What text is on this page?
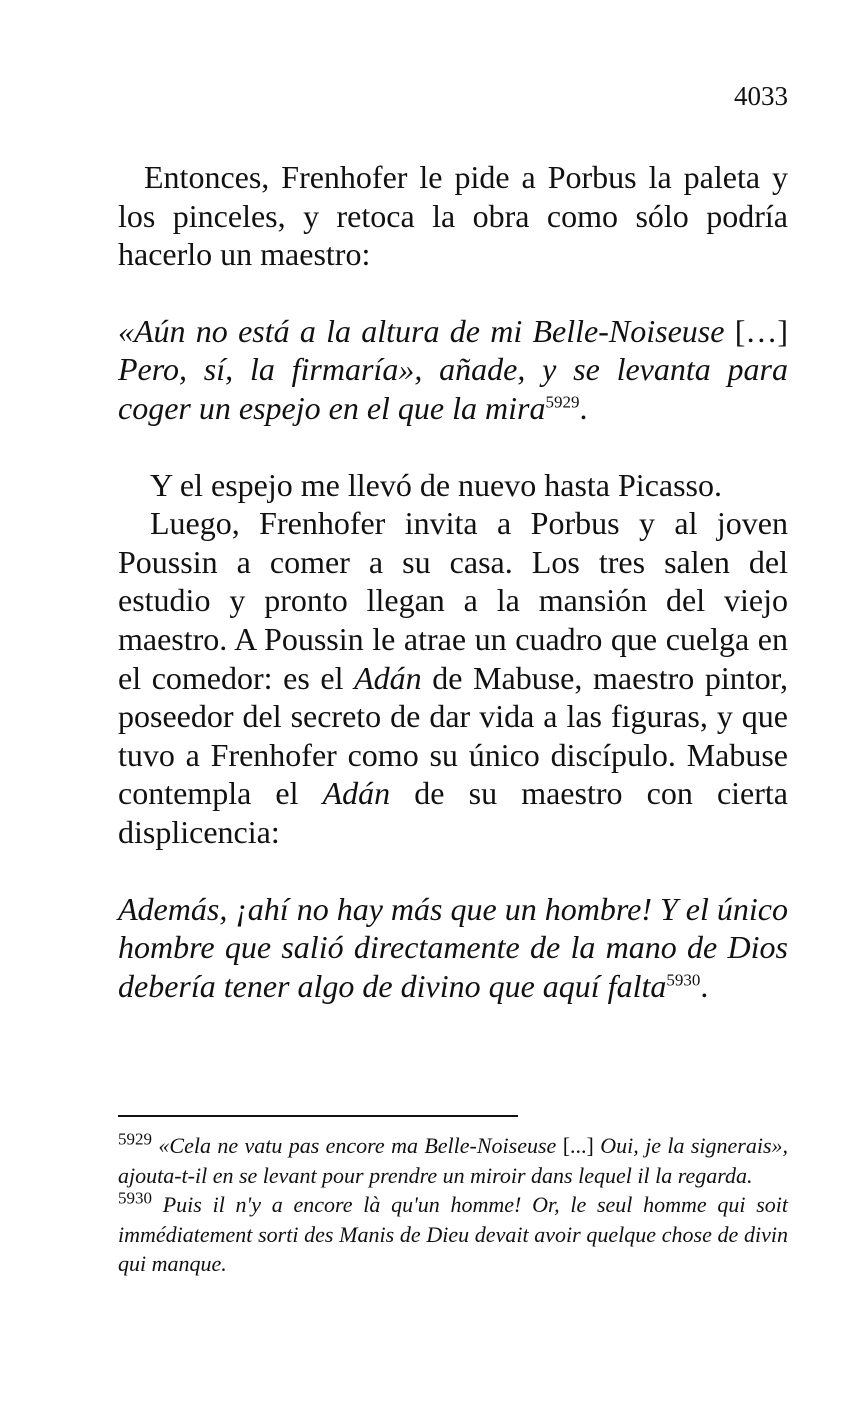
4033

Entonces, Frenhofer le pide a Porbus la paleta y los pinceles, y retoca la obra como sólo podría hacerlo un maestro:

«Aún no está a la altura de mi Belle-Noiseuse […] Pero, sí, la firmaría», añade, y se levanta para coger un espejo en el que la mira$^{5929}$.

Y el espejo me llevó de nuevo hasta Picasso.

Luego, Frenhofer invita a Porbus y al joven Poussin a comer a su casa. Los tres salen del estudio y pronto llegan a la mansión del viejo maestro. A Poussin le atrae un cuadro que cuelga en el comedor: es el Adán de Mabuse, maestro pintor, poseedor del secreto de dar vida a las figuras, y que tuvo a Frenhofer como su único discípulo. Mabuse contempla el Adán de su maestro con cierta displicencia:

Además, ¡ahí no hay más que un hombre! Y el único hombre que salió directamente de la mano de Dios debería tener algo de divino que aquí falta$^{5930}$.

$^{5929}$ «Cela ne vatu pas encore ma Belle-Noiseuse [...] Oui, je la signerais», ajouta-t-il en se levant pour prendre un miroir dans lequel il la regarda.

$^{5930}$ Puis il n'y a encore là qu'un homme! Or, le seul homme qui soit immédiatement sorti des Manis de Dieu devait avoir quelque chose de divin qui manque.
